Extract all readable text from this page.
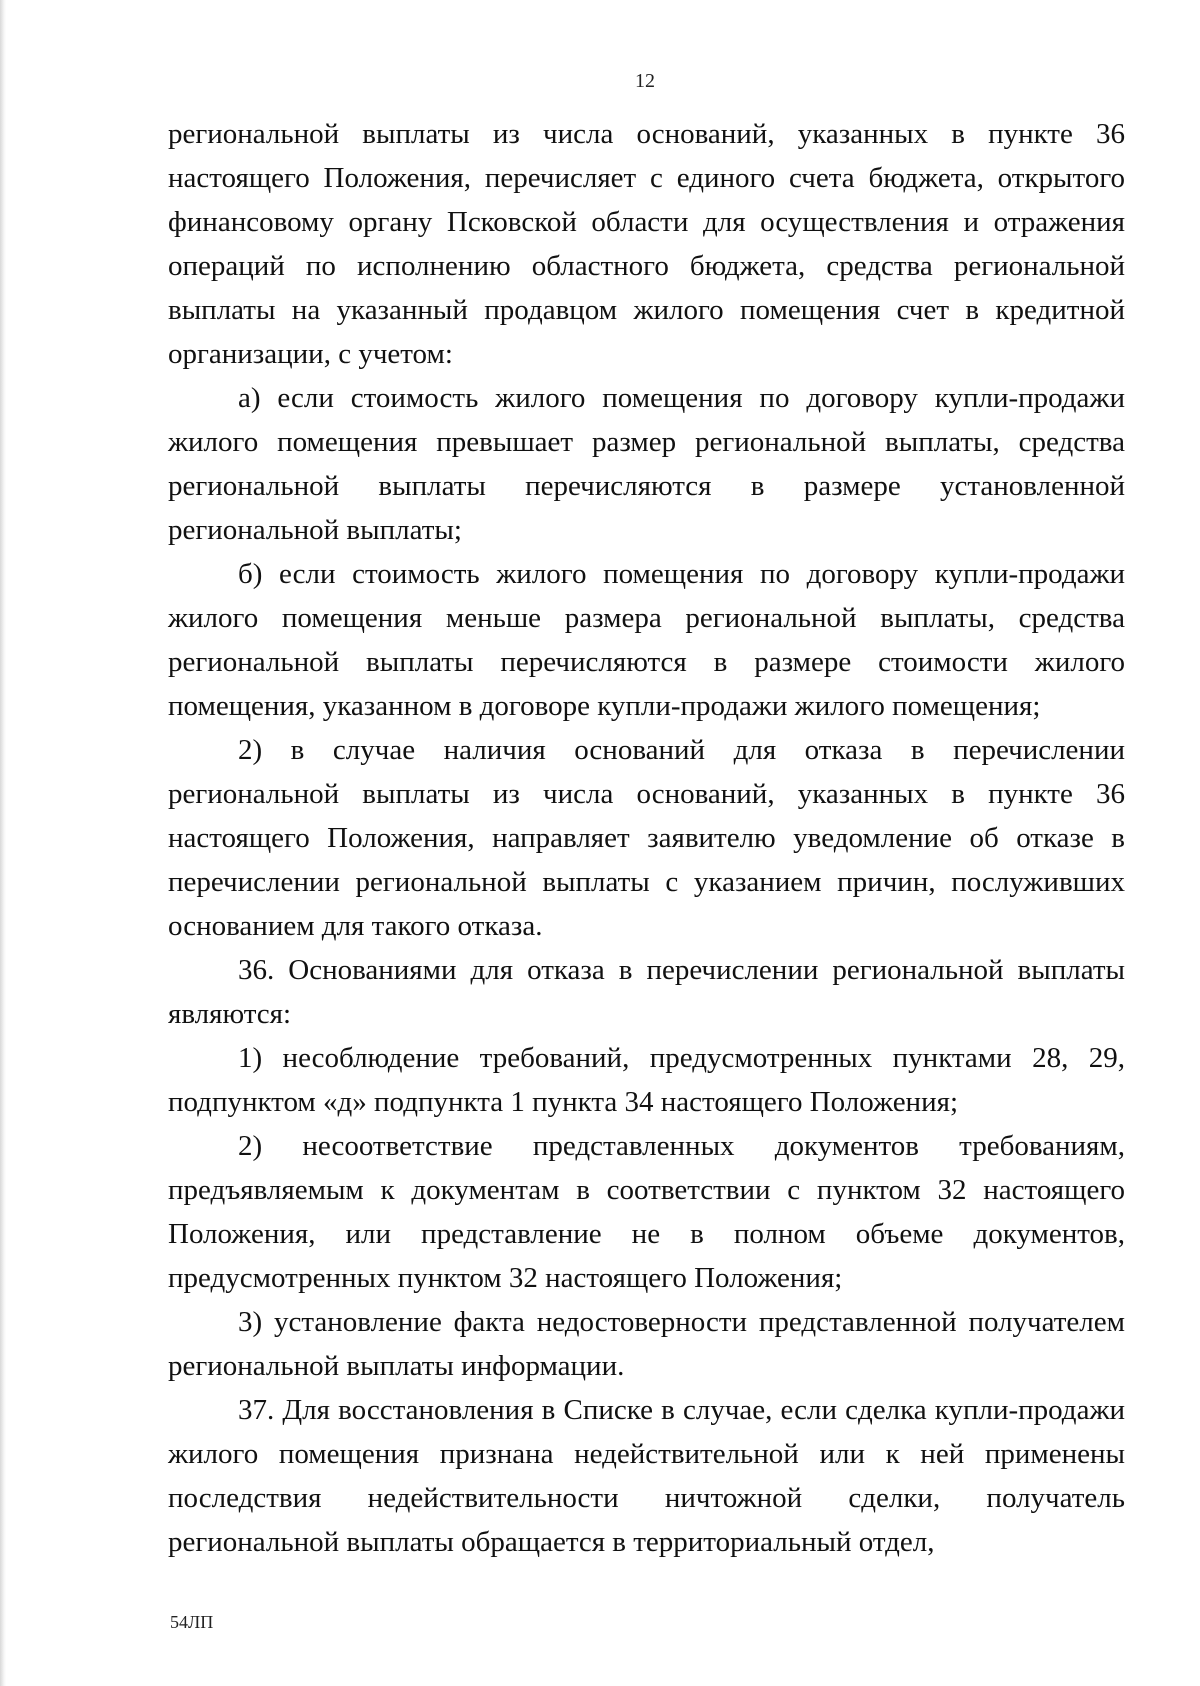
12

региональной выплаты из числа оснований, указанных в пункте 36 настоящего Положения, перечисляет с единого счета бюджета, открытого финансовому органу Псковской области для осуществления и отражения операций по исполнению областного бюджета, средства региональной выплаты на указанный продавцом жилого помещения счет в кредитной организации, с учетом:

а) если стоимость жилого помещения по договору купли-продажи жилого помещения превышает размер региональной выплаты, средства региональной выплаты перечисляются в размере установленной региональной выплаты;

б) если стоимость жилого помещения по договору купли-продажи жилого помещения меньше размера региональной выплаты, средства региональной выплаты перечисляются в размере стоимости жилого помещения, указанном в договоре купли-продажи жилого помещения;

2) в случае наличия оснований для отказа в перечислении региональной выплаты из числа оснований, указанных в пункте 36 настоящего Положения, направляет заявителю уведомление об отказе в перечислении региональной выплаты с указанием причин, послуживших основанием для такого отказа.

36. Основаниями для отказа в перечислении региональной выплаты являются:

1) несоблюдение требований, предусмотренных пунктами 28, 29, подпунктом «д» подпункта 1 пункта 34 настоящего Положения;

2) несоответствие представленных документов требованиям, предъявляемым к документам в соответствии с пунктом 32 настоящего Положения, или представление не в полном объеме документов, предусмотренных пунктом 32 настоящего Положения;

3) установление факта недостоверности представленной получателем региональной выплаты информации.

37. Для восстановления в Списке в случае, если сделка купли-продажи жилого помещения признана недействительной или к ней применены последствия недействительности ничтожной сделки, получатель региональной выплаты обращается в территориальный отдел,

54ЛП
